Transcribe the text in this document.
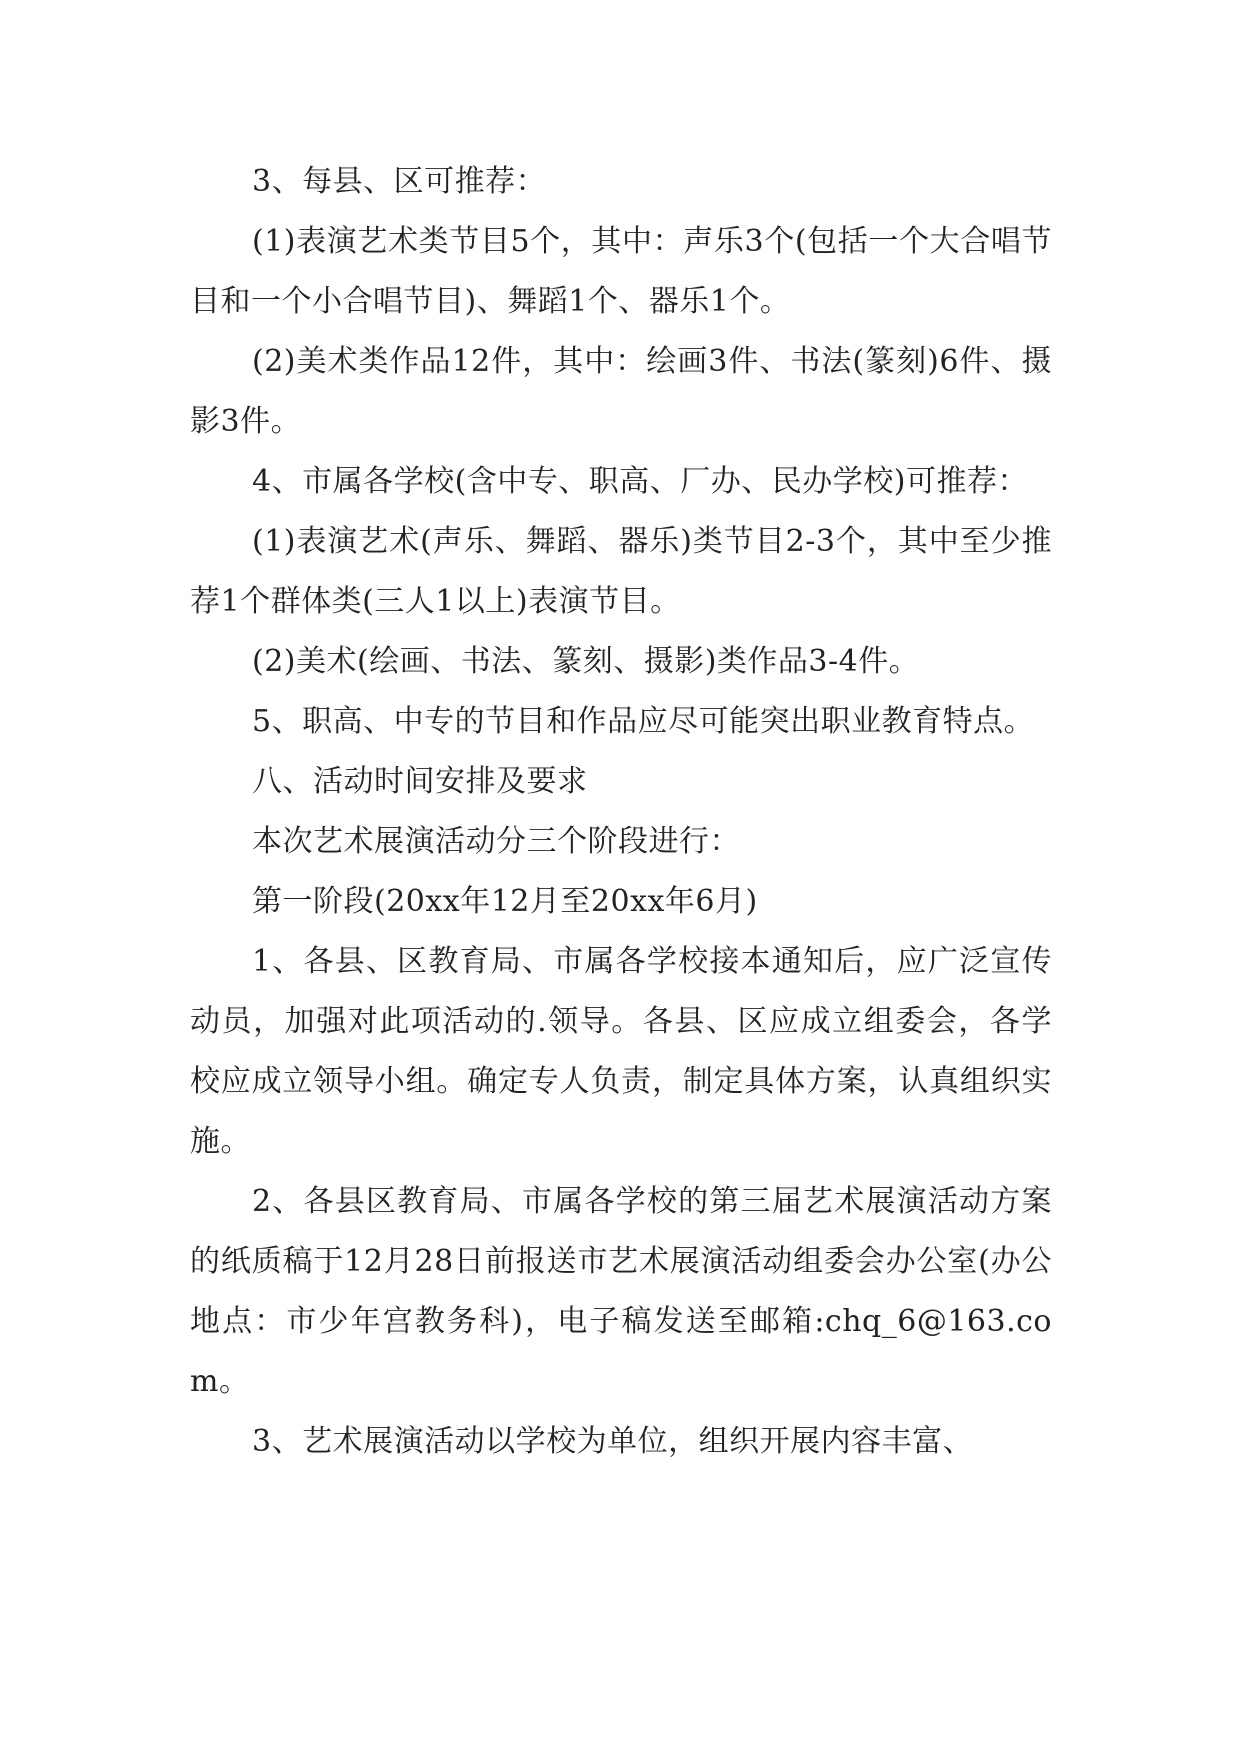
3、每县、区可推荐：

(1)表演艺术类节目5个，其中：声乐3个(包括一个大合唱节目和一个小合唱节目)、舞蹈1个、器乐1个。

(2)美术类作品12件，其中：绘画3件、书法(篆刻)6件、摄影3件。

4、市属各学校(含中专、职高、厂办、民办学校)可推荐：

(1)表演艺术(声乐、舞蹈、器乐)类节目2-3个，其中至少推荐1个群体类(三人1以上)表演节目。

(2)美术(绘画、书法、篆刻、摄影)类作品3-4件。

5、职高、中专的节目和作品应尽可能突出职业教育特点。

八、活动时间安排及要求

本次艺术展演活动分三个阶段进行：

第一阶段(20xx年12月至20xx年6月)

1、各县、区教育局、市属各学校接本通知后，应广泛宣传动员，加强对此项活动的.领导。各县、区应成立组委会，各学校应成立领导小组。确定专人负责，制定具体方案，认真组织实施。

2、各县区教育局、市属各学校的第三届艺术展演活动方案的纸质稿于12月28日前报送市艺术展演活动组委会办公室(办公地点：市少年宫教务科)，电子稿发送至邮箱:chq_6@163.com。

3、艺术展演活动以学校为单位，组织开展内容丰富、
